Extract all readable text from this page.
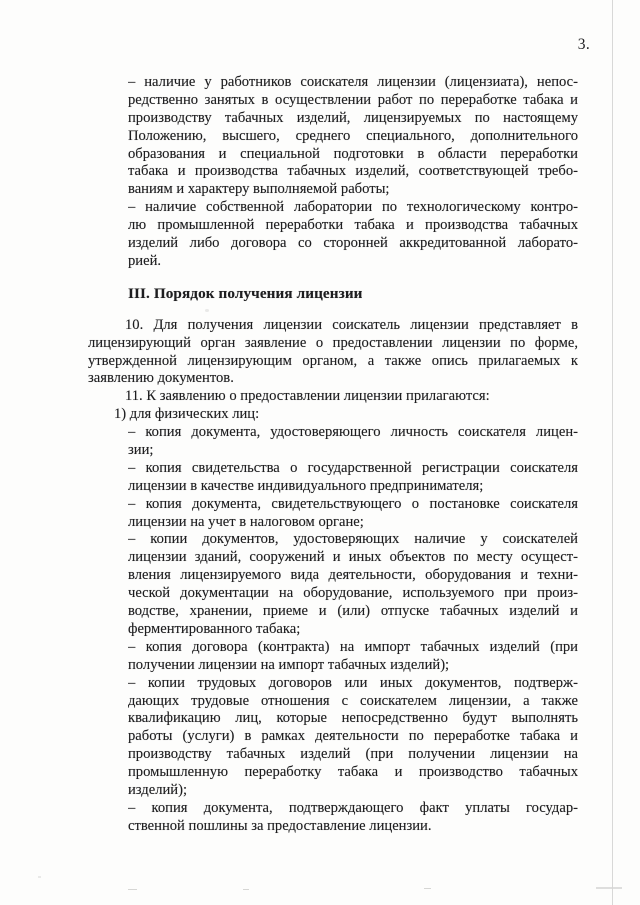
3.
– наличие у работников соискателя лицензии (лицензиата), непос-
редственно занятых в осуществлении работ по переработке табака и
производству табачных изделий, лицензируемых по настоящему
Положению, высшего, среднего специального, дополнительного
образования и специальной подготовки в области переработки
табака и производства табачных изделий, соответствующей требо-
ваниям и характеру выполняемой работы;
– наличие собственной лаборатории по технологическому контро-
лю промышленной переработки табака и производства табачных
изделий либо договора со сторонней аккредитованной лаборато-
рией.
III. Порядок получения лицензии
10. Для получения лицензии соискатель лицензии представляет в
лицензирующий орган заявление о предоставлении лицензии по форме,
утвержденной лицензирующим органом, а также опись прилагаемых к
заявлению документов.
11. К заявлению о предоставлении лицензии прилагаются:
1) для физических лиц:
– копия документа, удостоверяющего личность соискателя лицен-
зии;
– копия свидетельства о государственной регистрации соискателя
лицензии в качестве индивидуального предпринимателя;
– копия документа, свидетельствующего о постановке соискателя
лицензии на учет в налоговом органе;
– копии документов, удостоверяющих наличие у соискателей
лицензии зданий, сооружений и иных объектов по месту осущест-
вления лицензируемого вида деятельности, оборудования и техни-
ческой документации на оборудование, используемого при произ-
водстве, хранении, приеме и (или) отпуске табачных изделий и
ферментированного табака;
– копия договора (контракта) на импорт табачных изделий (при
получении лицензии на импорт табачных изделий);
– копии трудовых договоров или иных документов, подтверж-
дающих трудовые отношения с соискателем лицензии, а также
квалификацию лиц, которые непосредственно будут выполнять
работы (услуги) в рамках деятельности по переработке табака и
производству табачных изделий (при получении лицензии на
промышленную переработку табака и производство табачных
изделий);
– копия документа, подтверждающего факт уплаты государ-
ственной пошлины за предоставление лицензии.
